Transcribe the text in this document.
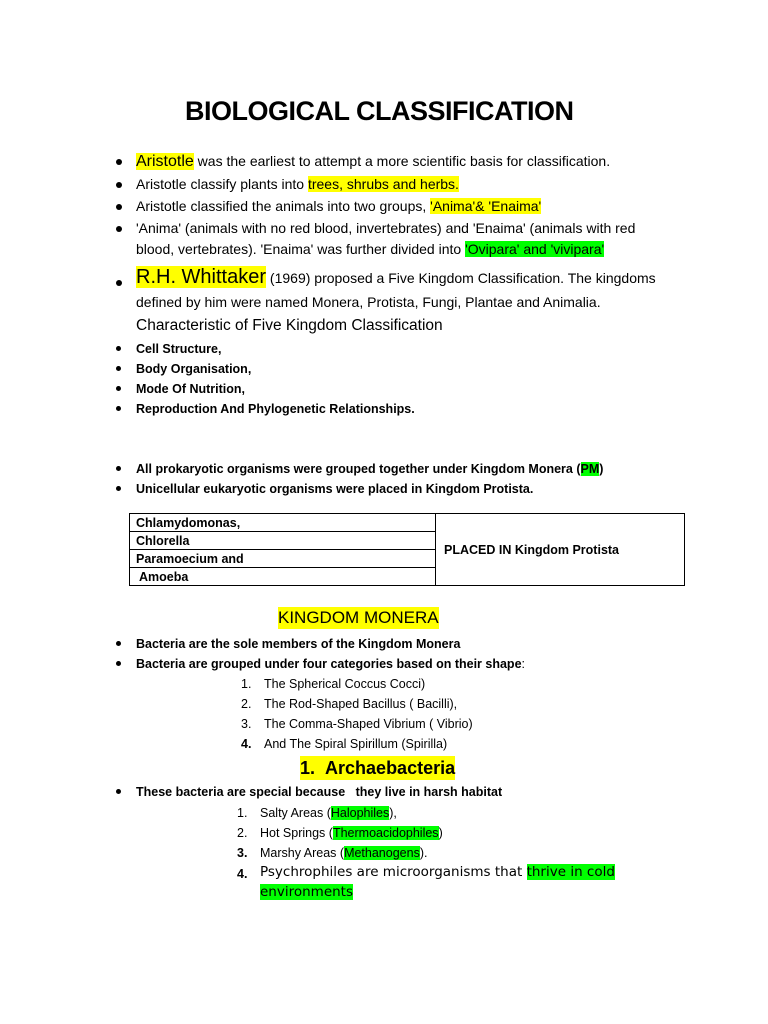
BIOLOGICAL CLASSIFICATION
Aristotle was the earliest to attempt a more scientific basis for classification.
Aristotle classify plants into trees, shrubs and herbs.
Aristotle classified the animals into two groups, 'Anima'& 'Enaima'
'Anima' (animals with no red blood, invertebrates) and 'Enaima' (animals with red
blood, vertebrates). 'Enaima' was further divided into 'Ovipara' and 'vivipara'
R.H. Whittaker (1969) proposed a Five Kingdom Classification. The kingdoms
defined by him were named Monera, Protista, Fungi, Plantae and Animalia.
Characteristic of Five Kingdom Classification
Cell Structure,
Body Organisation,
Mode Of Nutrition,
Reproduction And Phylogenetic Relationships.
All prokaryotic organisms were grouped together under Kingdom Monera (PM)
Unicellular eukaryotic organisms were placed in Kingdom Protista.
Chlamydomonas,	PLACED IN Kingdom Protista
Chlorella
Paramoecium and
Amoeba
KINGDOM MONERA
Bacteria are the sole members of the Kingdom Monera
Bacteria are grouped under four categories based on their shape:
1. The Spherical Coccus Cocci)
2. The Rod-Shaped Bacillus ( Bacilli),
3. The Comma-Shaped Vibrium ( Vibrio)
4. And The Spiral Spirillum (Spirilla)
1. Archaebacteria
These bacteria are special because   they live in harsh habitat
1. Salty Areas (Halophiles),
2. Hot Springs (Thermoacidophiles)
3. Marshy Areas (Methanogens).
4. Psychrophiles are microorganisms that thrive in cold
environments
